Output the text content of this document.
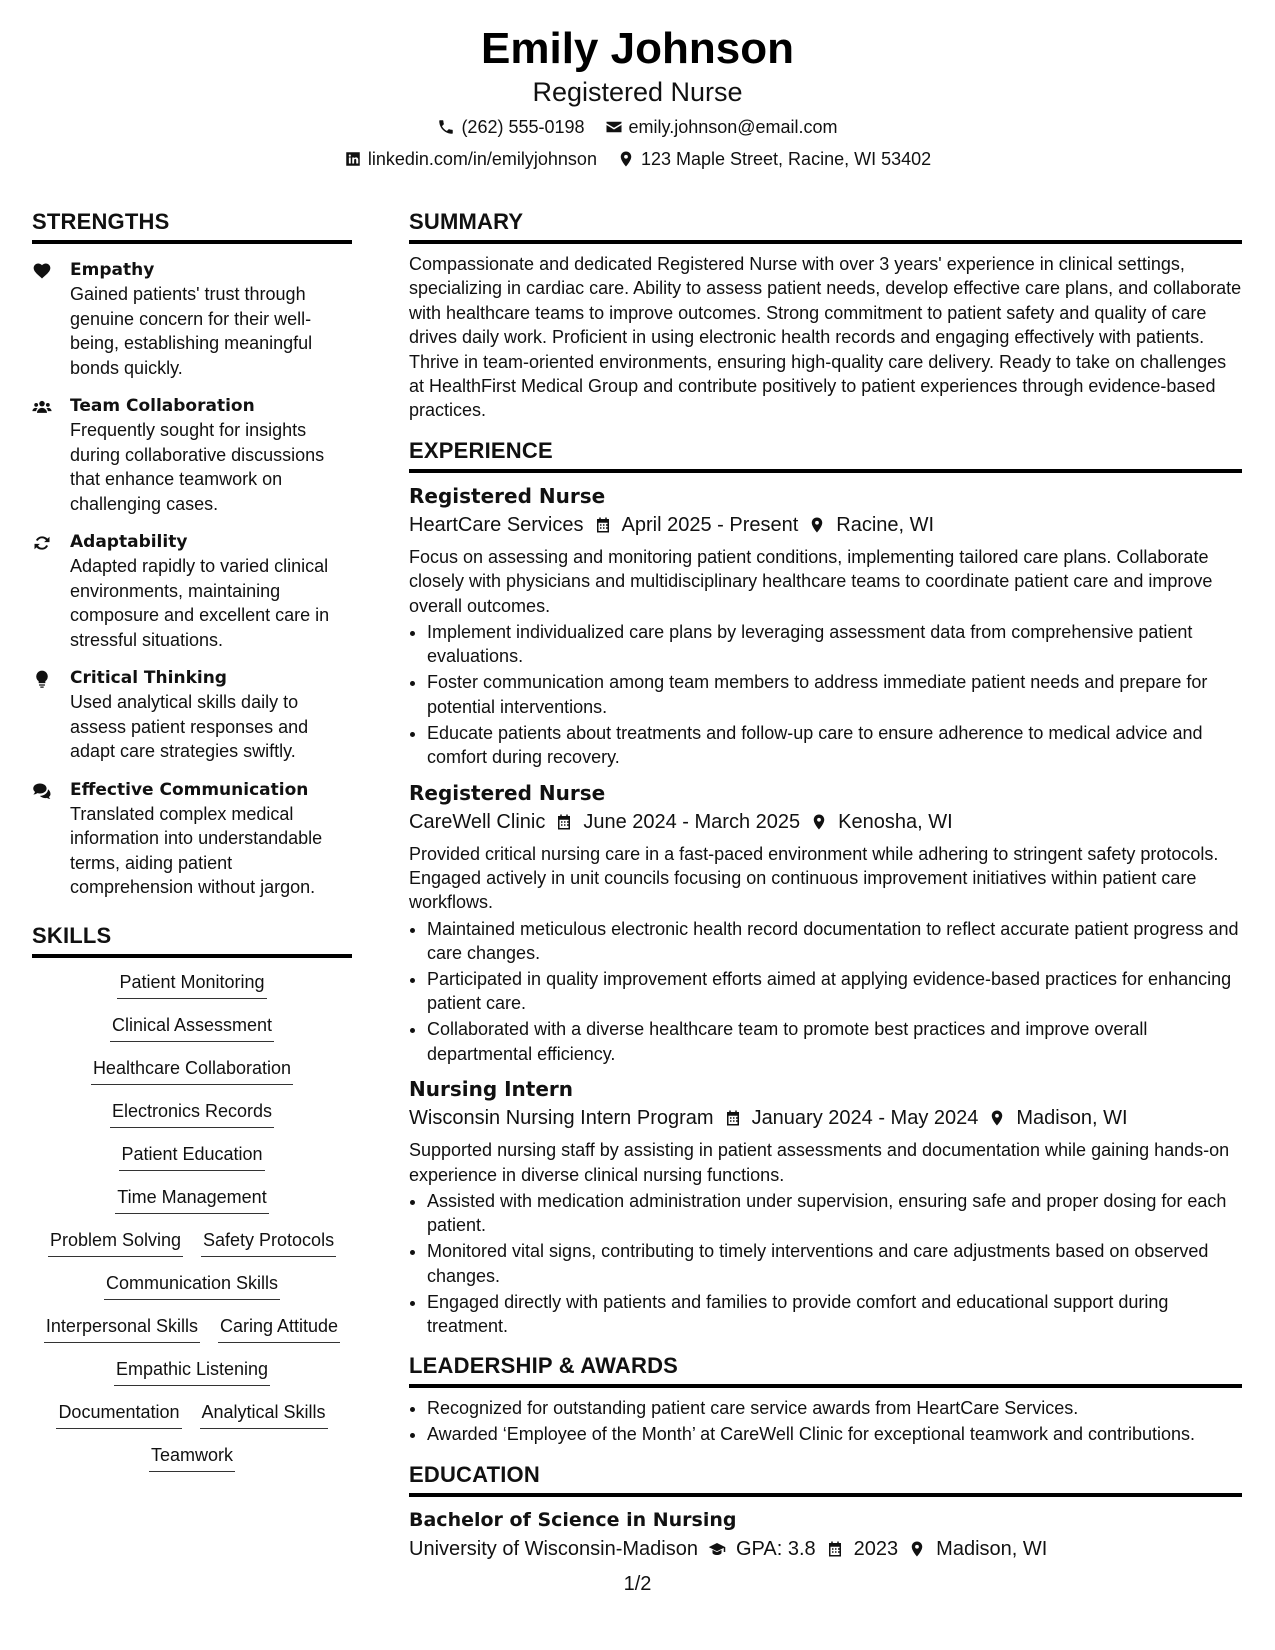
Emily Johnson
Registered Nurse
(262) 555-0198 emily.johnson@email.com
linkedin.com/in/emilyjohnson 123 Maple Street, Racine, WI 53402
STRENGTHS
Empathy
Gained patients' trust through genuine concern for their well-being, establishing meaningful bonds quickly.
Team Collaboration
Frequently sought for insights during collaborative discussions that enhance teamwork on challenging cases.
Adaptability
Adapted rapidly to varied clinical environments, maintaining composure and excellent care in stressful situations.
Critical Thinking
Used analytical skills daily to assess patient responses and adapt care strategies swiftly.
Effective Communication
Translated complex medical information into understandable terms, aiding patient comprehension without jargon.
SKILLS
Patient Monitoring
Clinical Assessment
Healthcare Collaboration
Electronics Records
Patient Education
Time Management
Problem Solving Safety Protocols
Communication Skills
Interpersonal Skills Caring Attitude
Empathic Listening
Documentation Analytical Skills
Teamwork
SUMMARY
Compassionate and dedicated Registered Nurse with over 3 years' experience in clinical settings, specializing in cardiac care. Ability to assess patient needs, develop effective care plans, and collaborate with healthcare teams to improve outcomes. Strong commitment to patient safety and quality of care drives daily work. Proficient in using electronic health records and engaging effectively with patients. Thrive in team-oriented environments, ensuring high-quality care delivery. Ready to take on challenges at HealthFirst Medical Group and contribute positively to patient experiences through evidence-based practices.
EXPERIENCE
Registered Nurse
HeartCare Services April 2025 - Present Racine, WI
Focus on assessing and monitoring patient conditions, implementing tailored care plans. Collaborate closely with physicians and multidisciplinary healthcare teams to coordinate patient care and improve overall outcomes.
• Implement individualized care plans by leveraging assessment data from comprehensive patient evaluations.
• Foster communication among team members to address immediate patient needs and prepare for potential interventions.
• Educate patients about treatments and follow-up care to ensure adherence to medical advice and comfort during recovery.
Registered Nurse
CareWell Clinic June 2024 - March 2025 Kenosha, WI
Provided critical nursing care in a fast-paced environment while adhering to stringent safety protocols. Engaged actively in unit councils focusing on continuous improvement initiatives within patient care workflows.
• Maintained meticulous electronic health record documentation to reflect accurate patient progress and care changes.
• Participated in quality improvement efforts aimed at applying evidence-based practices for enhancing patient care.
• Collaborated with a diverse healthcare team to promote best practices and improve overall departmental efficiency.
Nursing Intern
Wisconsin Nursing Intern Program January 2024 - May 2024 Madison, WI
Supported nursing staff by assisting in patient assessments and documentation while gaining hands-on experience in diverse clinical nursing functions.
• Assisted with medication administration under supervision, ensuring safe and proper dosing for each patient.
• Monitored vital signs, contributing to timely interventions and care adjustments based on observed changes.
• Engaged directly with patients and families to provide comfort and educational support during treatment.
LEADERSHIP & AWARDS
• Recognized for outstanding patient care service awards from HeartCare Services.
• Awarded ‘Employee of the Month’ at CareWell Clinic for exceptional teamwork and contributions.
EDUCATION
Bachelor of Science in Nursing
University of Wisconsin-Madison GPA: 3.8 2023 Madison, WI
1/2
